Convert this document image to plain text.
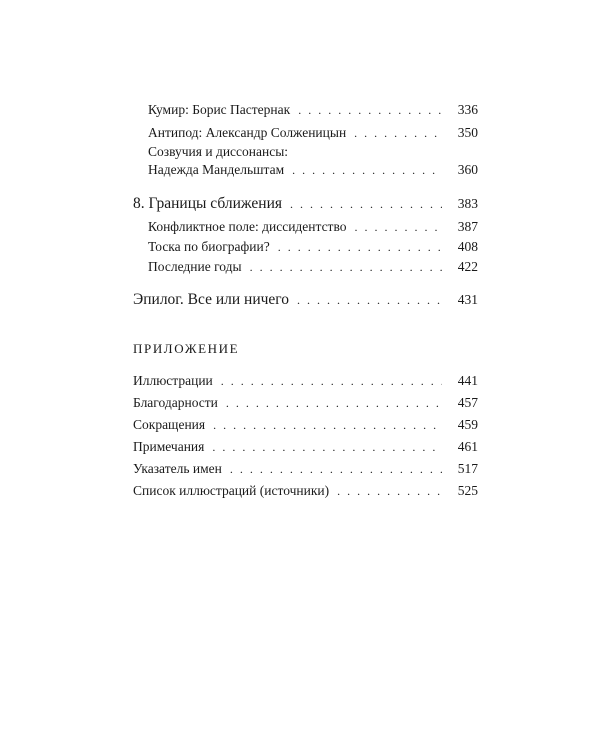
Кумир: Борис Пастернак . . .	336
Антипод: Александр Солженицын . . .	350
Созвучия и диссонансы:
Надежда Мандельштам . . .	360
8. Границы сближения . . .	383
Конфликтное поле: диссидентство . . .	387
Тоска по биографии? . . .	408
Последние годы . . .	422
Эпилог. Все или ничего . . .	431
ПРИЛОЖЕНИЕ
Иллюстрации . . .	441
Благодарности . . .	457
Сокращения . . .	459
Примечания . . .	461
Указатель имен . . .	517
Список иллюстраций (источники) . . .	525
